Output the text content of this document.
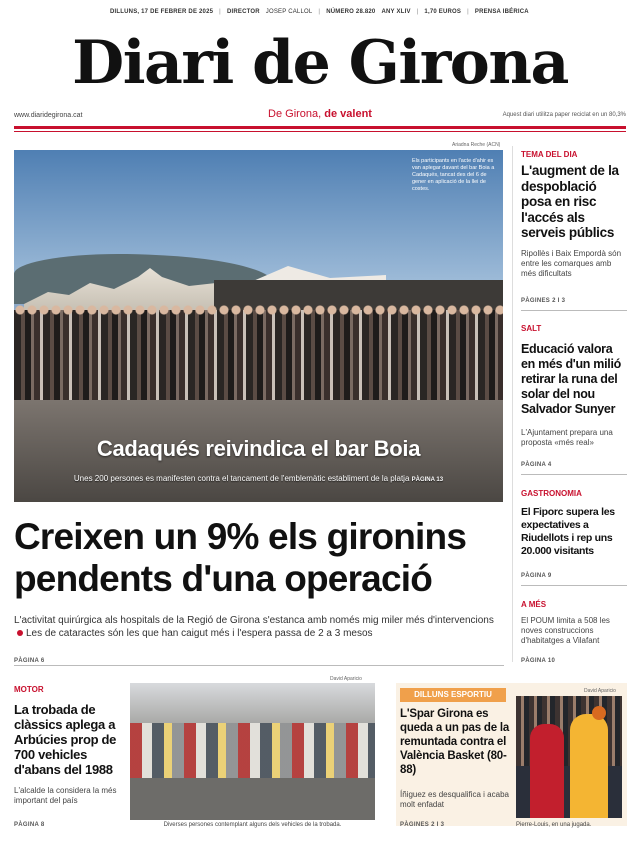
DILLUNS, 17 DE FEBRER DE 2025 | DIRECTOR JOSEP CALLOL | NÚMERO 28.820 ANY XLIV | 1,70 EUROS | PRENSA IBÉRICA
Diari de Girona
www.diaridegirona.cat	De Girona, de valent	Aquest diari utilitza paper reciclat en un 80,3%
Ariadna Reche (ACN)
Els participants en l'acte d'ahir es van aplegar davant del bar Boia a Cadaqués, tancat des del 6 de gener en aplicació de la llei de costes.
Cadaqués reivindica el bar Boia
Unes 200 persones es manifesten contra el tancament de l'emblemàtic establiment de la platja PÀGINA 13
Creixen un 9% els gironins pendents d'una operació
L'activitat quirúrgica als hospitals de la Regió de Girona s'estanca amb només mig miler més d'intervencionsLes de cataractes són les que han caigut més i l'espera passa de 2 a 3 mesos
PÀGINA 6
TEMA DEL DIA
L'augment de la despoblació posa en risc l'accés als serveis públics
Ripollès i Baix Empordà són entre les comarques amb més dificultats
PÀGINES 2 I 3
SALT
Educació valora en més d'un milió retirar la runa del solar del nou Salvador Sunyer
L'Ajuntament prepara una proposta «més real»
PÀGINA 4
GASTRONOMIA
El Fiporc supera les expectatives a Riudellots i rep uns 20.000 visitants
PÀGINA 9
A MÉS
El POUM limita a 508 les noves construccions d'habitatges a Vilafant
PÀGINA 10
MOTOR
La trobada de clàssics aplega a Arbúcies prop de 700 vehicles d'abans del 1988
L'alcalde la considera la més important del país
PÀGINA 8
David Aparicio
Diverses persones contemplant alguns dels vehicles de la trobada.
DILLUNS ESPORTIU
L'Spar Girona es queda a un pas de la remuntada contra el València Basket (80-88)
Íñiguez es desqualifica i acaba molt enfadat
PÀGINES 2 I 3
David Aparicio
Pierre-Louis, en una jugada.
